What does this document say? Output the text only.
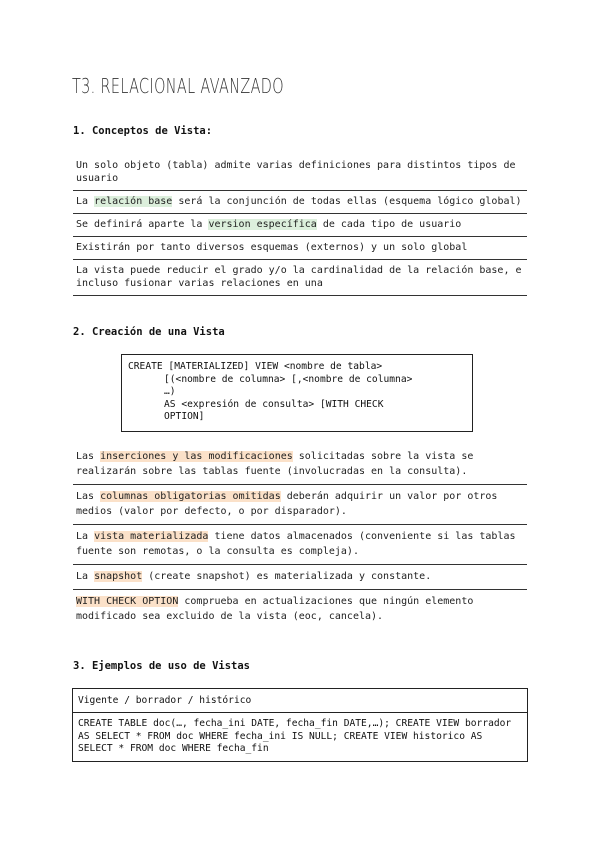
T3. RELACIONAL AVANZADO
1. Conceptos de Vista:
Un solo objeto (tabla) admite varias definiciones para distintos tipos de usuario
La relación base será la conjunción de todas ellas (esquema lógico global)
Se definirá aparte la version específica de cada tipo de usuario
Existirán por tanto diversos esquemas (externos) y un solo global
La vista puede reducir el grado y/o la cardinalidad de la relación base, e incluso fusionar varias relaciones en una
2. Creación de una Vista
CREATE [MATERIALIZED] VIEW <nombre de tabla>
[(<nombre de columna> [,<nombre de columna>
…)
AS <expresión de consulta> [WITH CHECK
OPTION]
Las inserciones y las modificaciones solicitadas sobre la vista se realizarán sobre las tablas fuente (involucradas en la consulta).
Las columnas obligatorias omitidas deberán adquirir un valor por otros medios (valor por defecto, o por disparador).
La vista materializada tiene datos almacenados (conveniente si las tablas fuente son remotas, o la consulta es compleja).
La snapshot (create snapshot) es materializada y constante.
WITH CHECK OPTION comprueba en actualizaciones que ningún elemento modificado sea excluido de la vista (eoc, cancela).
3. Ejemplos de uso de Vistas
Vigente / borrador / histórico
CREATE TABLE doc(…, fecha_ini DATE, fecha_fin DATE,…); CREATE VIEW borrador AS SELECT * FROM doc WHERE fecha_ini IS NULL; CREATE VIEW historico AS SELECT * FROM doc WHERE fecha_fin
